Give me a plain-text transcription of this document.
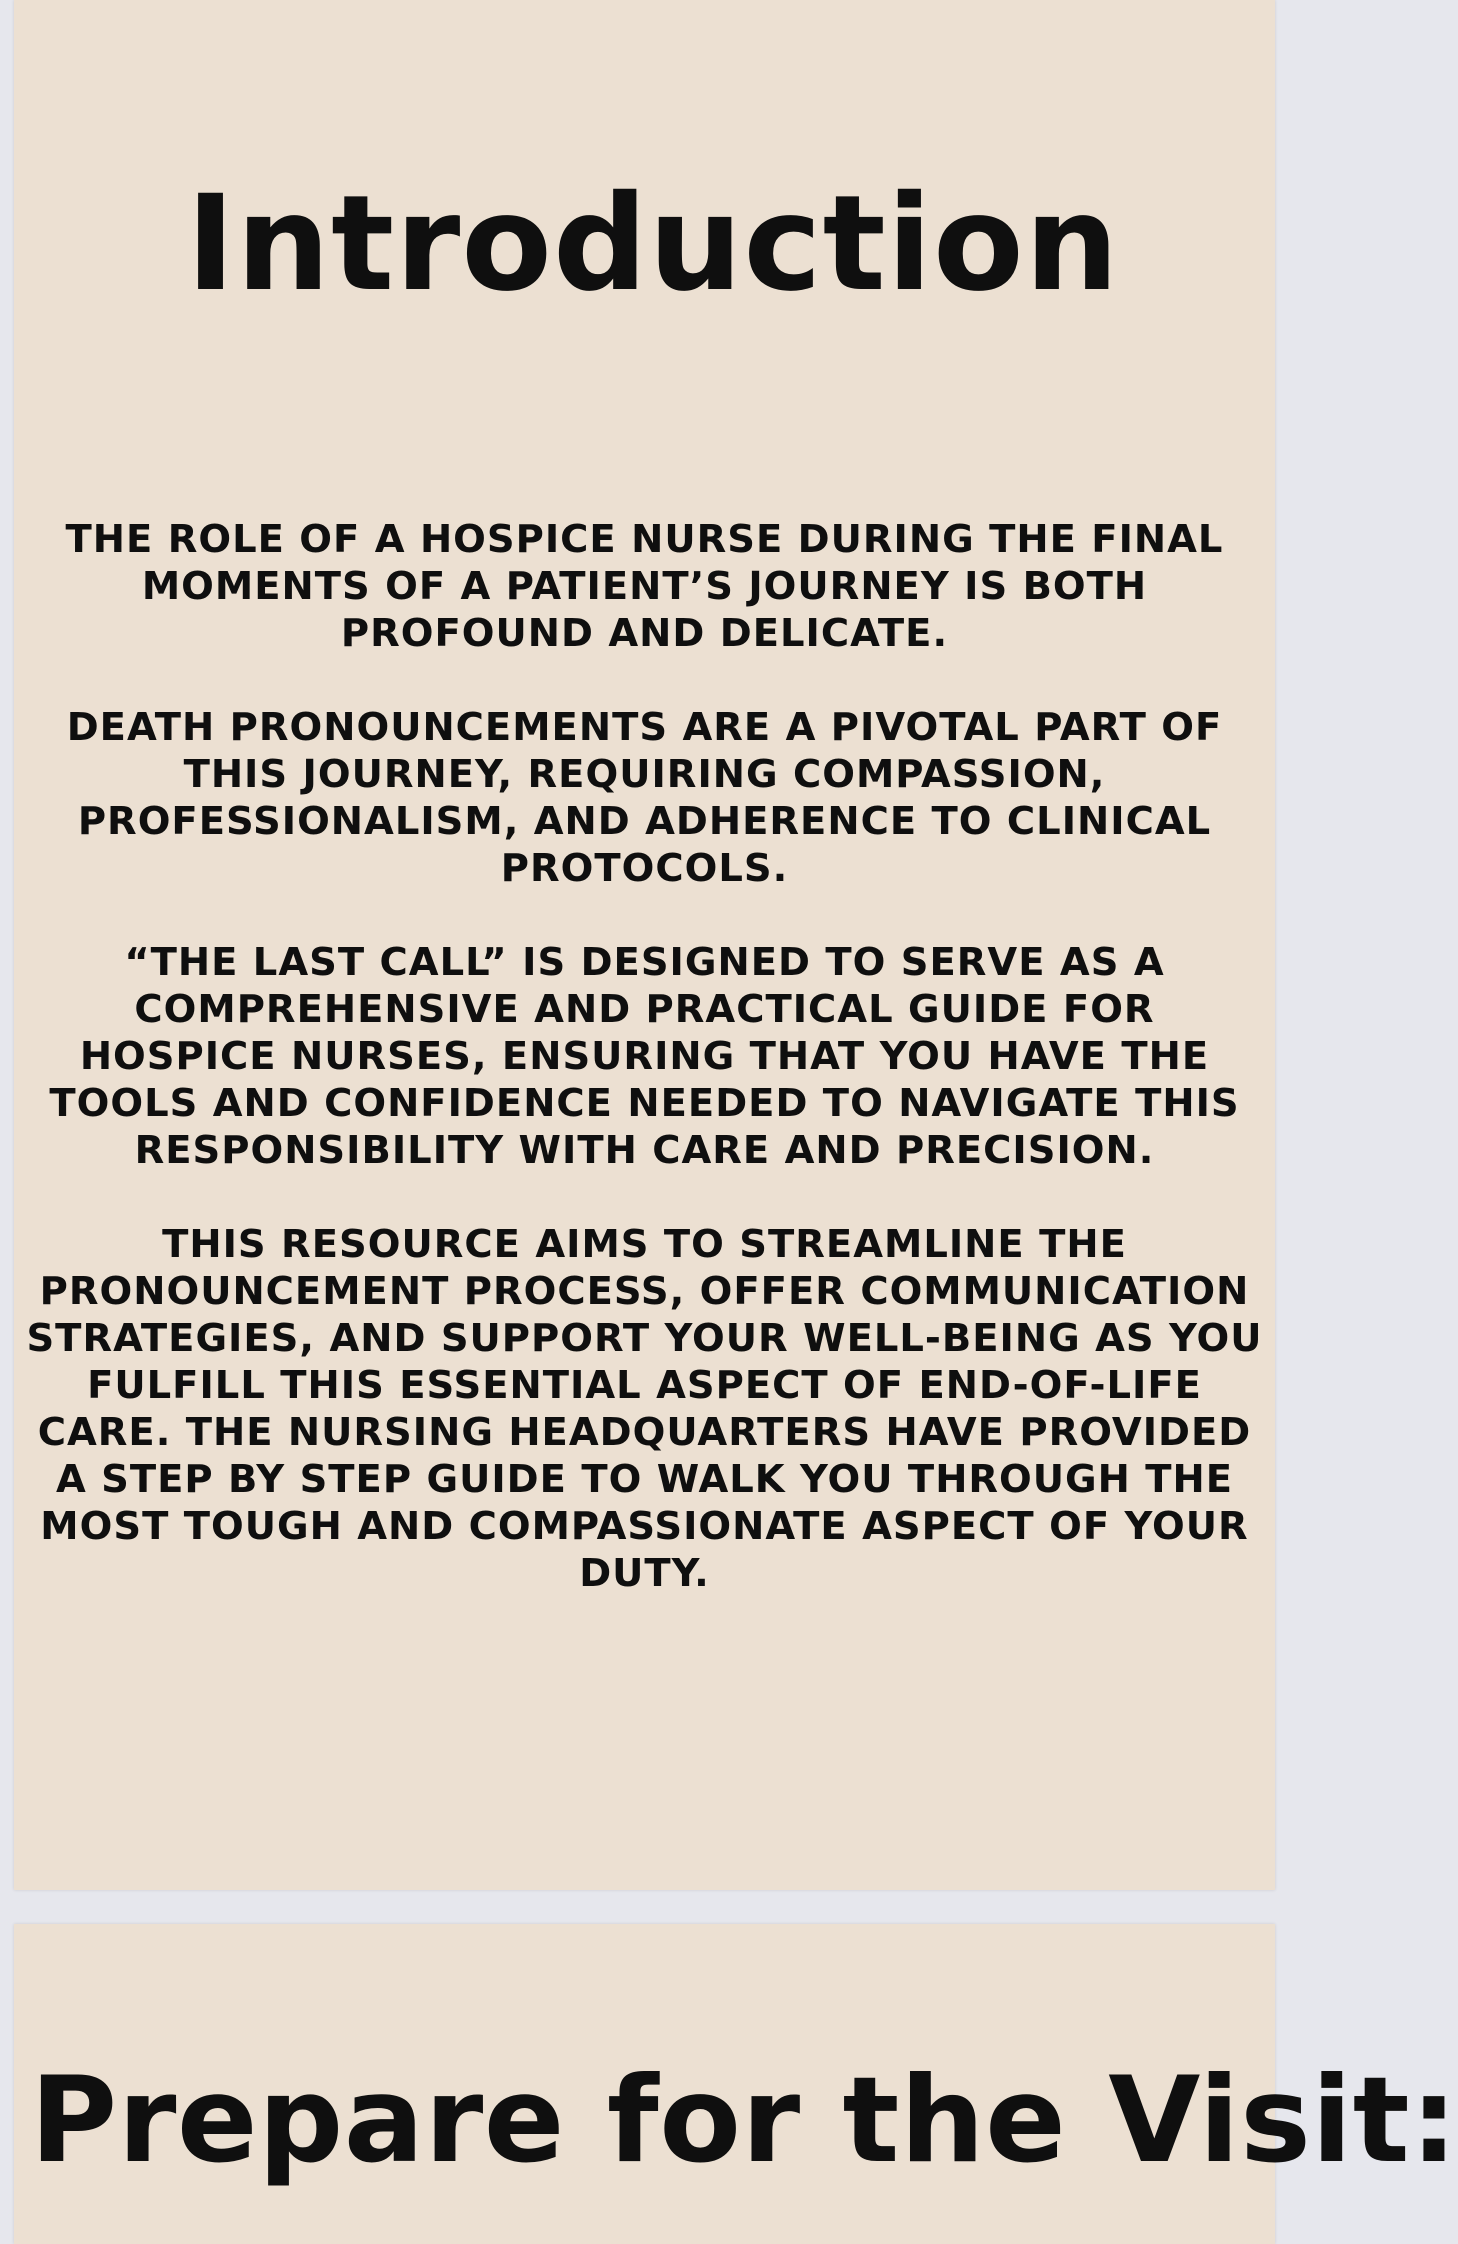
Introduction

THE ROLE OF A HOSPICE NURSE DURING THE FINAL
MOMENTS OF A PATIENT’S JOURNEY IS BOTH
PROFOUND AND DELICATE.

DEATH PRONOUNCEMENTS ARE A PIVOTAL PART OF
THIS JOURNEY, REQUIRING COMPASSION,
PROFESSIONALISM, AND ADHERENCE TO CLINICAL
PROTOCOLS.

“THE LAST CALL” IS DESIGNED TO SERVE AS A
COMPREHENSIVE AND PRACTICAL GUIDE FOR
HOSPICE NURSES, ENSURING THAT YOU HAVE THE
TOOLS AND CONFIDENCE NEEDED TO NAVIGATE THIS
RESPONSIBILITY WITH CARE AND PRECISION.

THIS RESOURCE AIMS TO STREAMLINE THE
PRONOUNCEMENT PROCESS, OFFER COMMUNICATION
STRATEGIES, AND SUPPORT YOUR WELL-BEING AS YOU
FULFILL THIS ESSENTIAL ASPECT OF END-OF-LIFE
CARE. THE NURSING HEADQUARTERS HAVE PROVIDED
A STEP BY STEP GUIDE TO WALK YOU THROUGH THE
MOST TOUGH AND COMPASSIONATE ASPECT OF YOUR
DUTY.

Prepare for the Visit:
